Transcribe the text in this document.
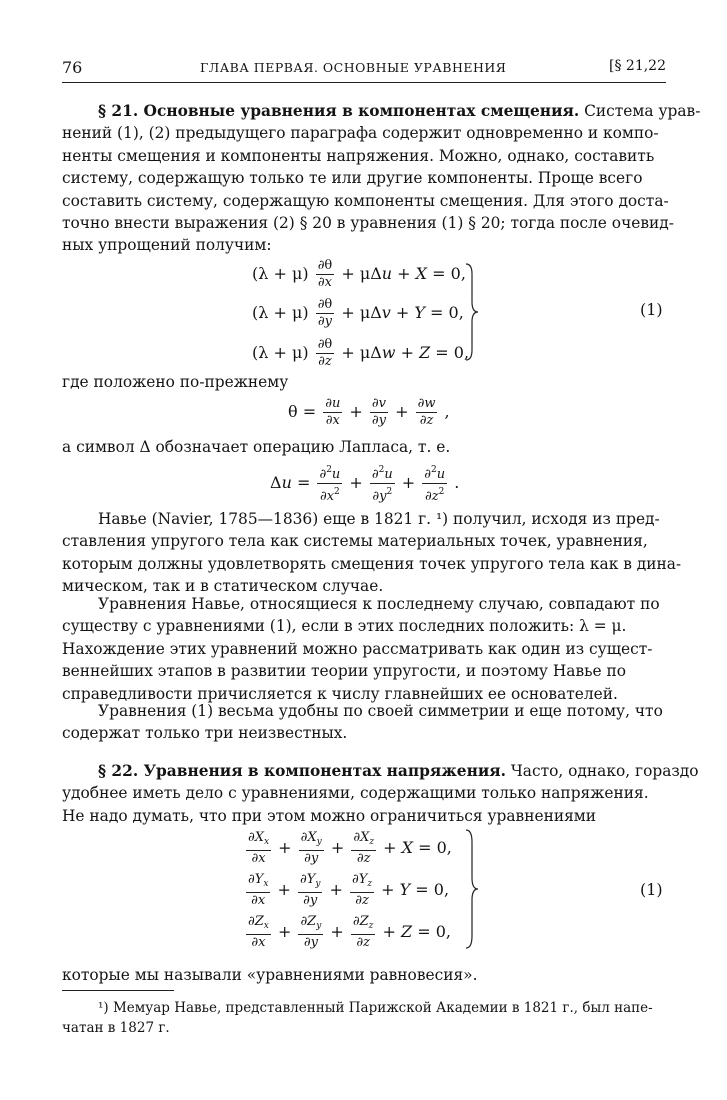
76	ГЛАВА ПЕРВАЯ. ОСНОВНЫЕ УРАВНЕНИЯ	[§ 21,22
§ 21. Основные уравнения в компонентах смещения. Система урав-
нений (1), (2) предыдущего параграфа содержит одновременно и компо-
ненты смещения и компоненты напряжения. Можно, однако, составить
систему, содержащую только те или другие компоненты. Проще всего
составить систему, содержащую компоненты смещения. Для этого доста-
точно внести выражения (2) § 20 в уравнения (1) § 20; тогда после очевид-
ных упрощений получим:
$(\lambda + \mu) \frac{\partial\theta}{\partial x} + \mu\Delta u + X = 0$,
$(\lambda + \mu) \frac{\partial\theta}{\partial y} + \mu\Delta v + Y = 0$,
$(\lambda + \mu) \frac{\partial\theta}{\partial z} + \mu\Delta w + Z = 0$,
(1)
где положено по-прежнему
$\theta = \frac{\partial u}{\partial x} + \frac{\partial v}{\partial y} + \frac{\partial w}{\partial z}$ ,
а символ Δ обозначает операцию Лапласа, т. е.
$\Delta u = \frac{\partial^2u}{\partial x^2} + \frac{\partial^2u}{\partial y^2} + \frac{\partial^2u}{\partial z^2}$ .
Навье (Navier, 1785—1836) еще в 1821 г. ¹) получил, исходя из пред-
ставления упругого тела как системы материальных точек, уравнения,
которым должны удовлетворять смещения точек упругого тела как в дина-
мическом, так и в статическом случае.
Уравнения Навье, относящиеся к последнему случаю, совпадают по
существу с уравнениями (1), если в этих последних положить: λ = μ.
Нахождение этих уравнений можно рассматривать как один из сущест-
веннейших этапов в развитии теории упругости, и поэтому Навье по
справедливости причисляется к числу главнейших ее основателей.
Уравнения (1) весьма удобны по своей симметрии и еще потому, что
содержат только три неизвестных.
§ 22. Уравнения в компонентах напряжения. Часто, однако, гораздо
удобнее иметь дело с уравнениями, содержащими только напряжения.
Не надо думать, что при этом можно ограничиться уравнениями
$\frac{\partial X_x}{\partial x} + \frac{\partial X_y}{\partial y} + \frac{\partial X_z}{\partial z} + X = 0$,
$\frac{\partial Y_x}{\partial x} + \frac{\partial Y_y}{\partial y} + \frac{\partial Y_z}{\partial z} + Y = 0$,
$\frac{\partial Z_x}{\partial x} + \frac{\partial Z_y}{\partial y} + \frac{\partial Z_z}{\partial z} + Z = 0$,
(1)
которые мы называли «уравнениями равновесия».
¹) Мемуар Навье, представленный Парижской Академии в 1821 г., был напе-
чатан в 1827 г.
